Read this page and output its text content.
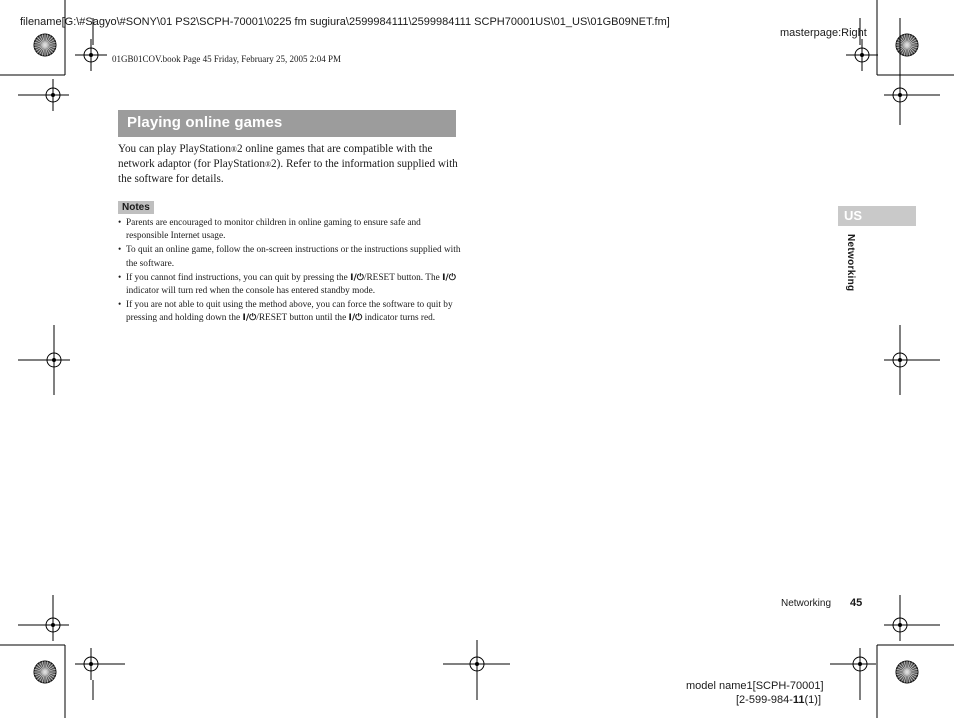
filename[G:\#Sagyo\#SONY\01 PS2\SCPH-70001\0225 fm sugiura\2599984111\2599984111 SCPH70001US\01_US\01GB09NET.fm]
masterpage:Right
01GB01COV.book Page 45 Friday, February 25, 2005 2:04 PM
Playing online games
You can play PlayStation®2 online games that are compatible with the network adaptor (for PlayStation®2). Refer to the information supplied with the software for details.
Notes
• Parents are encouraged to monitor children in online gaming to ensure safe and responsible Internet usage.
• To quit an online game, follow the on-screen instructions or the instructions supplied with the software.
• If you cannot find instructions, you can quit by pressing the I/⏻/RESET button. The I/⏻ indicator will turn red when the console has entered standby mode.
• If you are not able to quit using the method above, you can force the software to quit by pressing and holding down the I/⏻/RESET button until the I/⏻ indicator turns red.
US
Networking
Networking 45
model name1[SCPH-70001]
[2-599-984-11(1)]
